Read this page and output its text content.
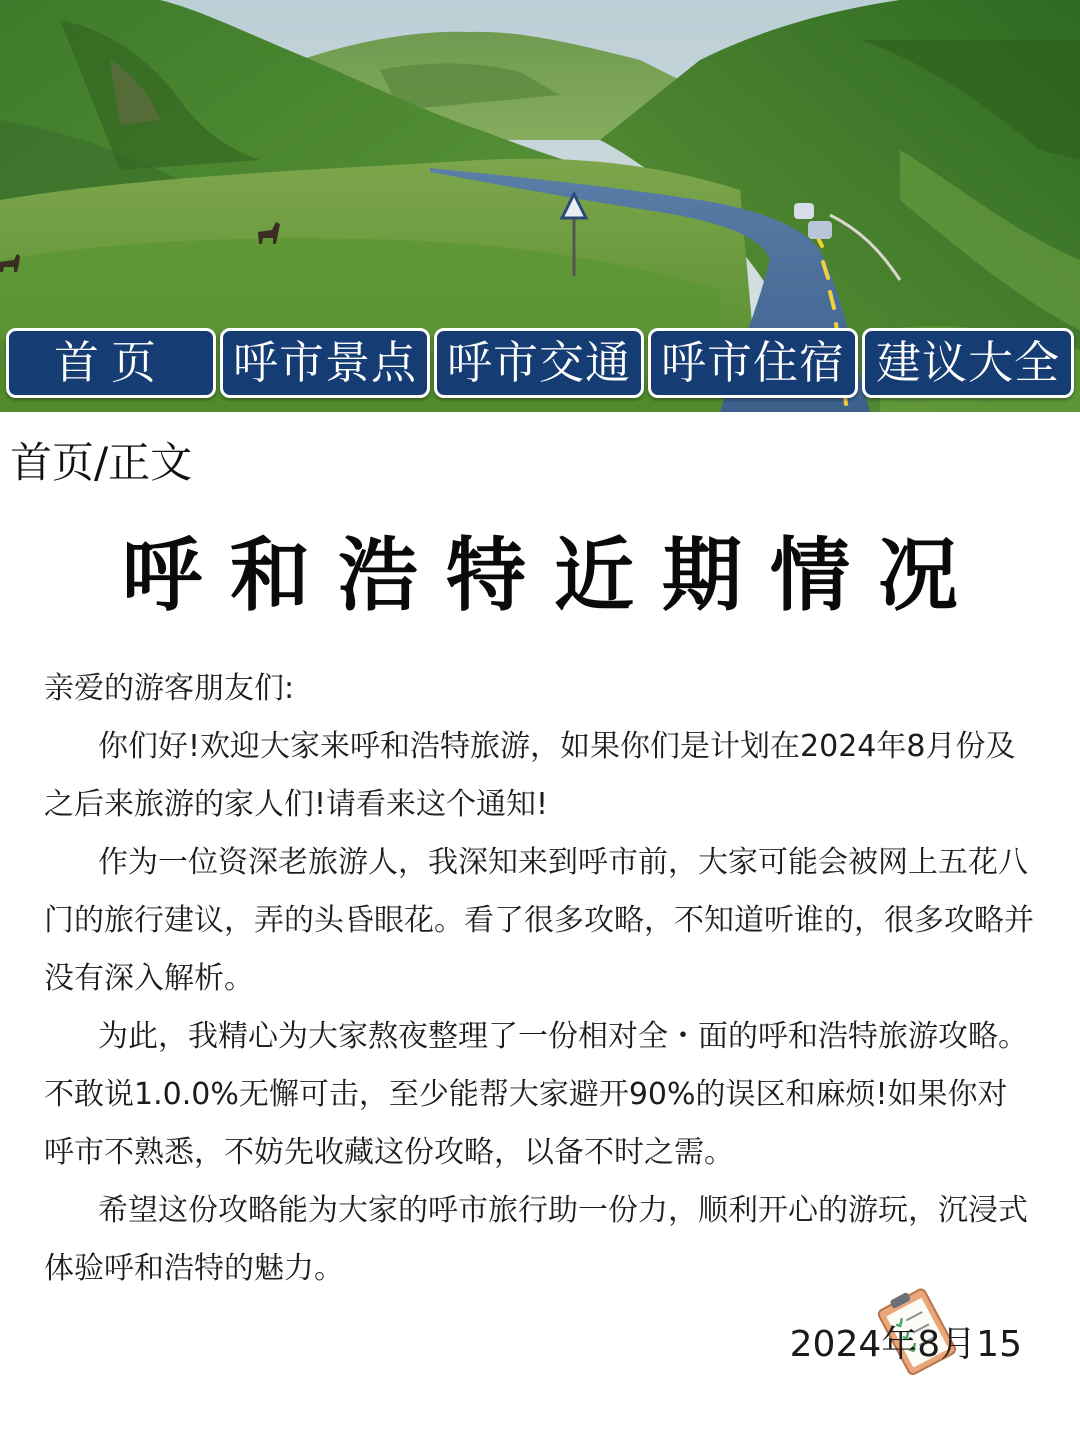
首页	呼市景点 呼市交通 呼市住宿 建议大全
首页/正文
呼和浩特近期情况

亲爱的游客朋友们:

你们好!欢迎大家来呼和浩特旅游，如果你们是计划在2024年8月份及之后来旅游的家人们!请看来这个通知!

作为一位资深老旅游人，我深知来到呼市前，大家可能会被网上五花八门的旅行建议，弄的头昏眼花。看了很多攻略，不知道听谁的，很多攻略并没有深入解析。

为此，我精心为大家熬夜整理了一份相对全・面的呼和浩特旅游攻略。不敢说1.0.0%无懈可击，至少能帮大家避开90%的误区和麻烦!如果你对呼市不熟悉，不妨先收藏这份攻略，以备不时之需。

希望这份攻略能为大家的呼市旅行助一份力，顺利开心的游玩，沉浸式体验呼和浩特的魅力。

2024年8月15
